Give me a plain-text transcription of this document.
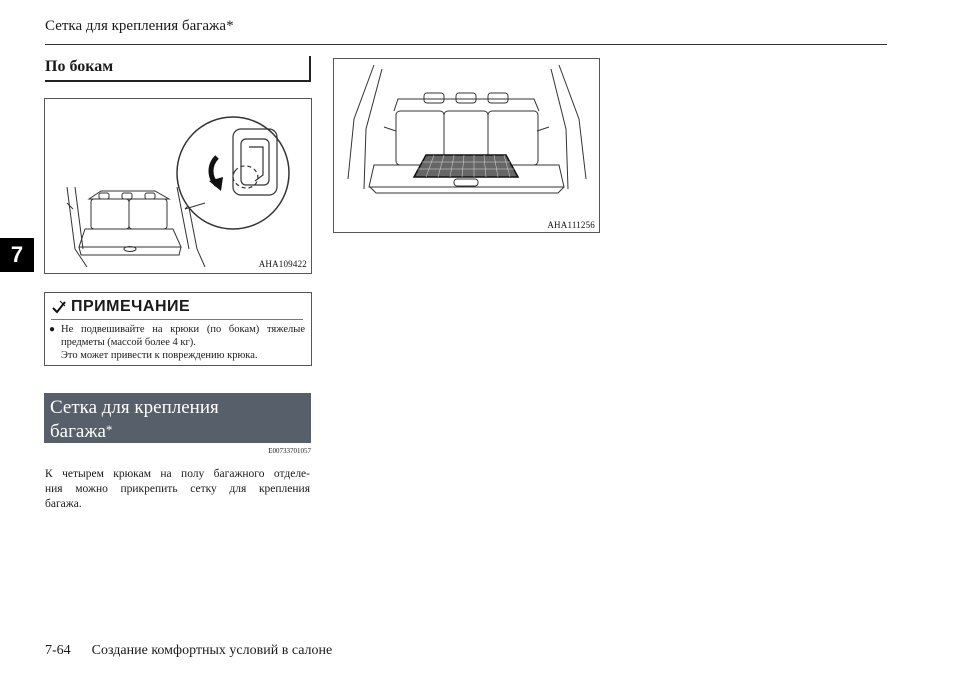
Сетка для крепления багажа*
7
По бокам
AHA109422
ПРИМЕЧАНИЕ
● Не подвешивайте на крюки (по бокам) тяжелые
предметы (массой более 4 кг).
Это может привести к повреждению крюка.
Сетка для крепления
багажа*
E00733701057
К четырем крюкам на полу багажного отделе-
ния можно прикрепить сетку для крепления
багажа.
AHA111256
7-64 Создание комфортных условий в салоне
